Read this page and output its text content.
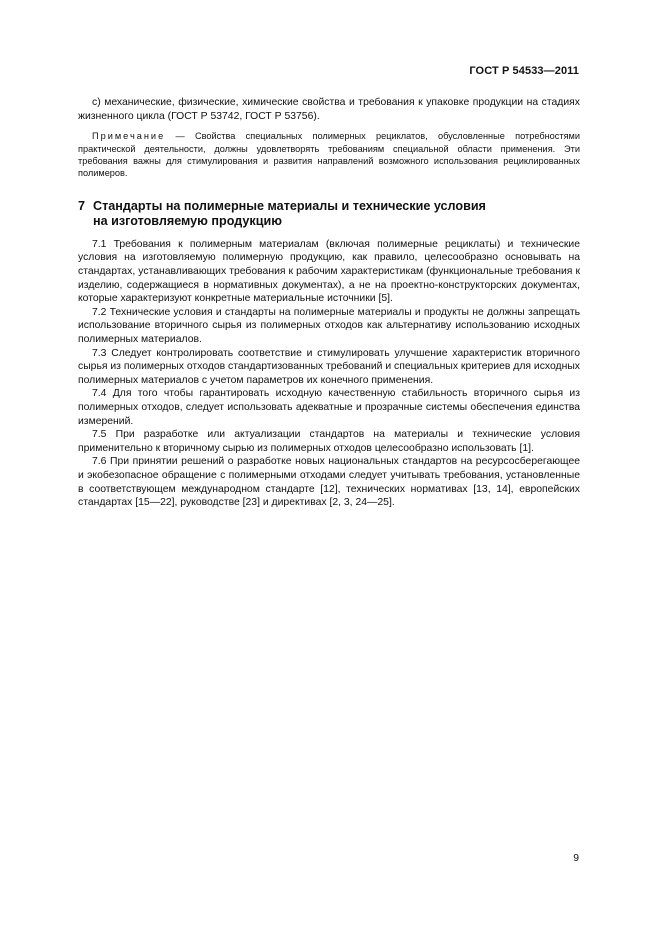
ГОСТ Р 54533—2011

с) механические, физические, химические свойства и требования к упаковке продукции на стадиях жизненного цикла (ГОСТ Р 53742, ГОСТ Р 53756).

Примечание — Свойства специальных полимерных рециклатов, обусловленные потребностями практической деятельности, должны удовлетворять требованиям специальной области применения. Эти требования важны для стимулирования и развития направлений возможного использования рециклированных полимеров.

7 Стандарты на полимерные материалы и технические условия
на изготовляемую продукцию

7.1 Требования к полимерным материалам (включая полимерные рециклаты) и технические условия на изготовляемую полимерную продукцию, как правило, целесообразно основывать на стандартах, устанавливающих требования к рабочим характеристикам (функциональные требования к изделию, содержащиеся в нормативных документах), а не на проектно-конструкторских документах, которые характеризуют конкретные материальные источники [5].

7.2 Технические условия и стандарты на полимерные материалы и продукты не должны запрещать использование вторичного сырья из полимерных отходов как альтернативу использованию исходных полимерных материалов.

7.3 Следует контролировать соответствие и стимулировать улучшение характеристик вторичного сырья из полимерных отходов стандартизованных требований и специальных критериев для исходных полимерных материалов с учетом параметров их конечного применения.

7.4 Для того чтобы гарантировать исходную качественную стабильность вторичного сырья из полимерных отходов, следует использовать адекватные и прозрачные системы обеспечения единства измерений.

7.5 При разработке или актуализации стандартов на материалы и технические условия применительно к вторичному сырью из полимерных отходов целесообразно использовать [1].

7.6 При принятии решений о разработке новых национальных стандартов на ресурсосберегающее и экобезопасное обращение с полимерными отходами следует учитывать требования, установленные в соответствующем международном стандарте [12], технических нормативах [13, 14], европейских стандартах [15—22], руководстве [23] и директивах [2, 3, 24—25].

9
